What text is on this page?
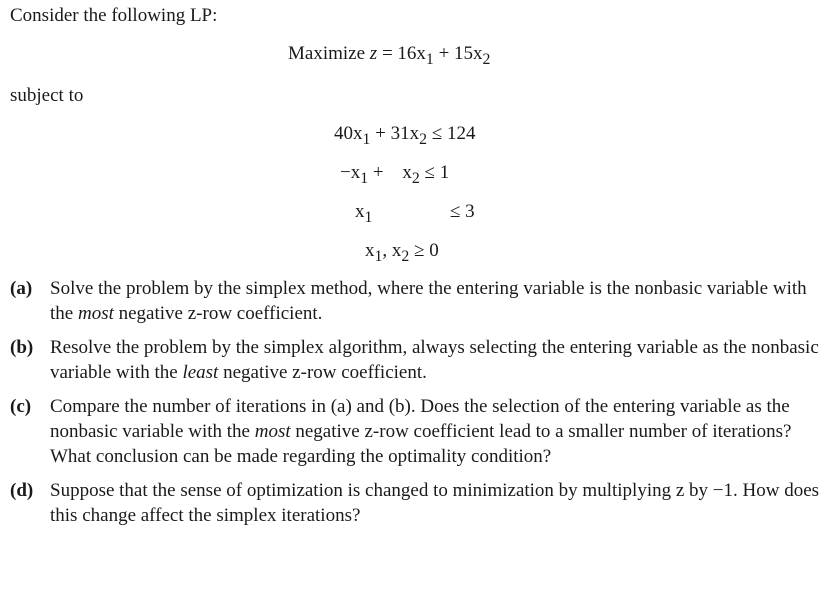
Consider the following LP:
Maximize $z = 16x_1 + 15x_2$
subject to
$40x_1 + 31x_2 \le 124$
$-x_1 + x_2 \le 1$
$x_1$	≤ 3
$x_1$, $x_2 \ge 0$
(a) Solve the problem by the simplex method, where the entering variable is the nonbasic variable with the most negative z-row coefficient.
(b) Resolve the problem by the simplex algorithm, always selecting the entering variable as the nonbasic variable with the least negative z-row coefficient.
(c) Compare the number of iterations in (a) and (b). Does the selection of the entering variable as the nonbasic variable with the most negative z-row coefficient lead to a smaller number of iterations? What conclusion can be made regarding the optimality condition?
(d) Suppose that the sense of optimization is changed to minimization by multiplying z by −1. How does this change affect the simplex iterations?
